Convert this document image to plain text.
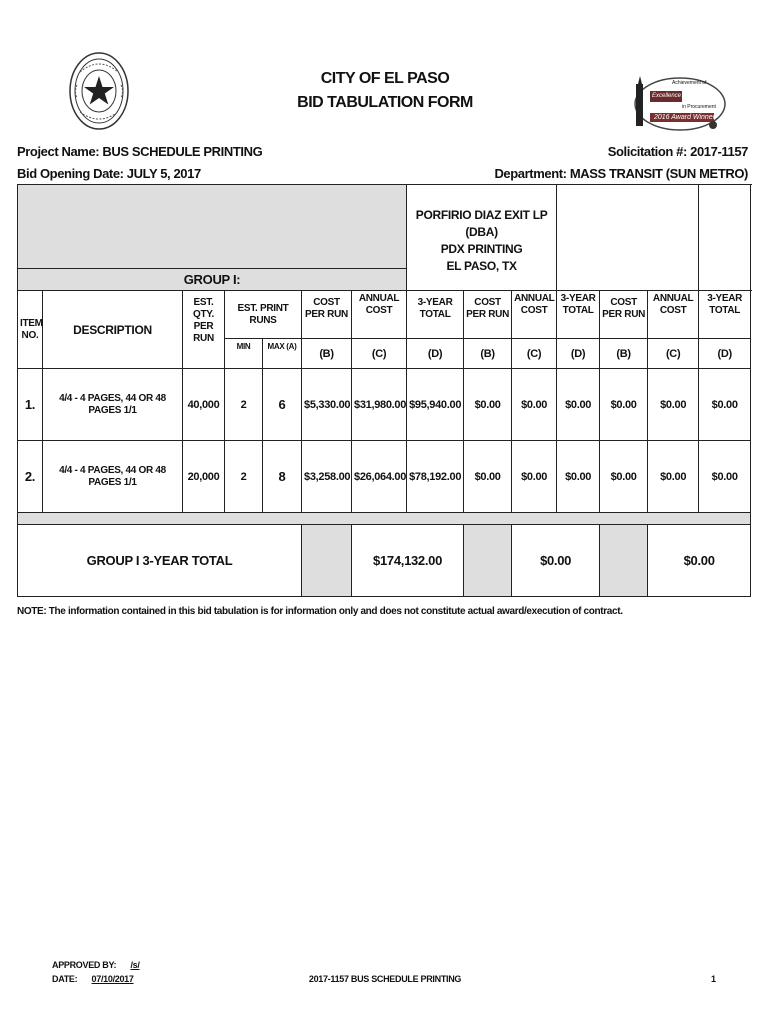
CITY OF EL PASO
BID TABULATION FORM
Achievement of
Excellence
in Procurement
2016 Award Winner
Project Name: BUS SCHEDULE PRINTING
Bid Opening Date: JULY 5, 2017
Solicitation #: 2017-1157
Department: MASS TRANSIT (SUN METRO)

							PORFIRIO DIAZ EXIT LP (DBA)
PDX PRINTING
EL PASO, TX						

GROUP I:													
ITEM NO.	DESCRIPTION	EST. QTY. PER RUN	EST. PRINT RUNS		COST PER RUN	ANNUAL COST	3-YEAR TOTAL	COST PER RUN	ANNUAL COST	3-YEAR TOTAL	COST PER RUN	ANNUAL COST	3-YEAR TOTAL
			MIN	MAX (A)	(B)	(C)	(D)	(B)	(C)	(D)	(B)	(C)	(D)
1.	4/4 - 4 PAGES, 44 OR 48 PAGES 1/1	40,000	2	6	$5,330.00	$31,980.00	$95,940.00	$0.00	$0.00	$0.00	$0.00	$0.00	$0.00
2.	4/4 - 4 PAGES, 44 OR 48 PAGES 1/1	20,000	2	8	$3,258.00	$26,064.00	$78,192.00	$0.00	$0.00	$0.00	$0.00	$0.00	$0.00

GROUP I 3-YEAR TOTAL						$174,132.00			$0.00			$0.00	
NOTE: The information contained in this bid tabulation is for information only and does not constitute actual award/execution of contract.
APPROVED BY: /s/
DATE: 07/10/2017	2017-1157 BUS SCHEDULE PRINTING	1
